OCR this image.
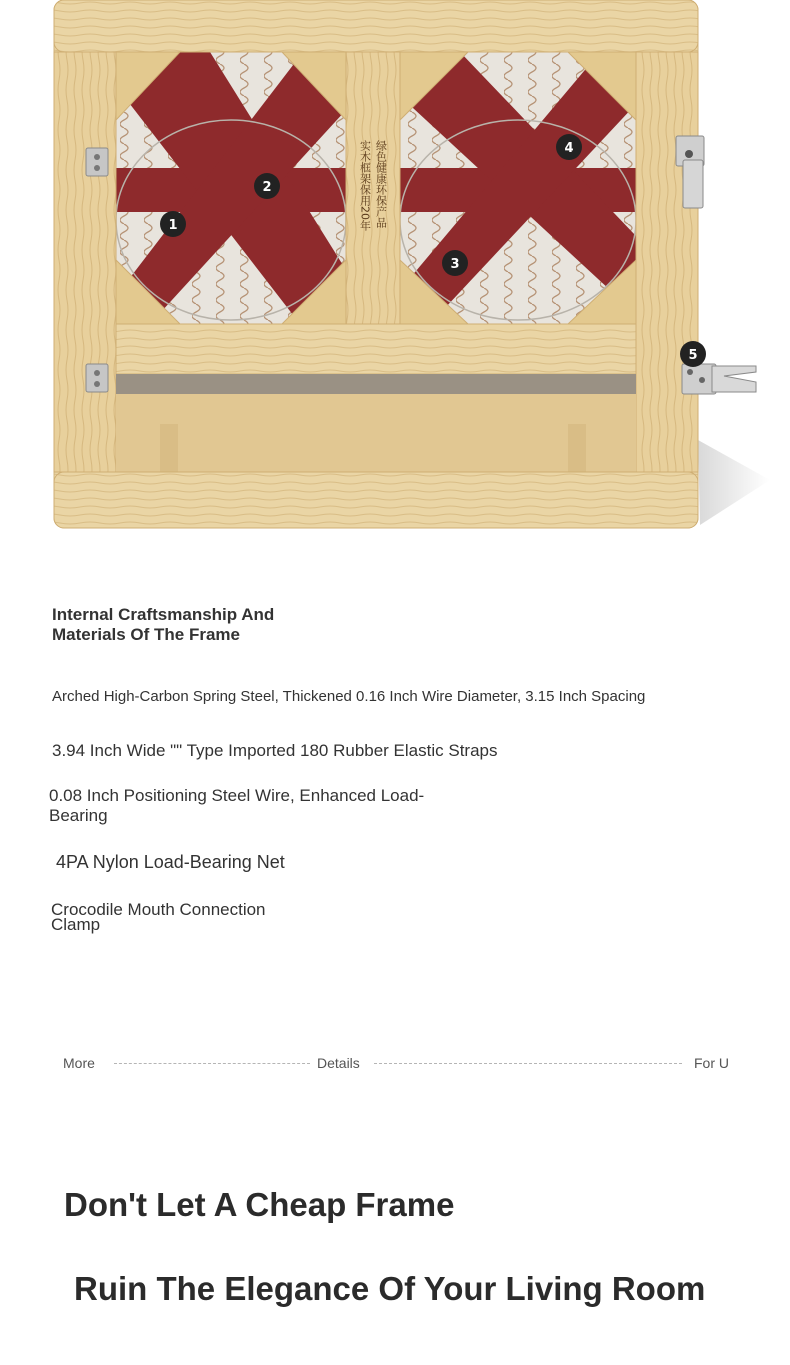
实木框架保用20年 绿色健康环保产品
1
2
3
4
5
Internal Craftsmanship And Materials Of The Frame
Arched High-Carbon Spring Steel, Thickened 0.16 Inch Wire Diameter, 3.15 Inch Spacing
3.94 Inch Wide "" Type Imported 180 Rubber Elastic Straps
0.08 Inch Positioning Steel Wire, Enhanced Load-Bearing
4PA Nylon Load-Bearing Net
Crocodile Mouth Connection Clamp
More	Details	For U
Don't Let A Cheap Frame
Ruin The Elegance Of Your Living Room
